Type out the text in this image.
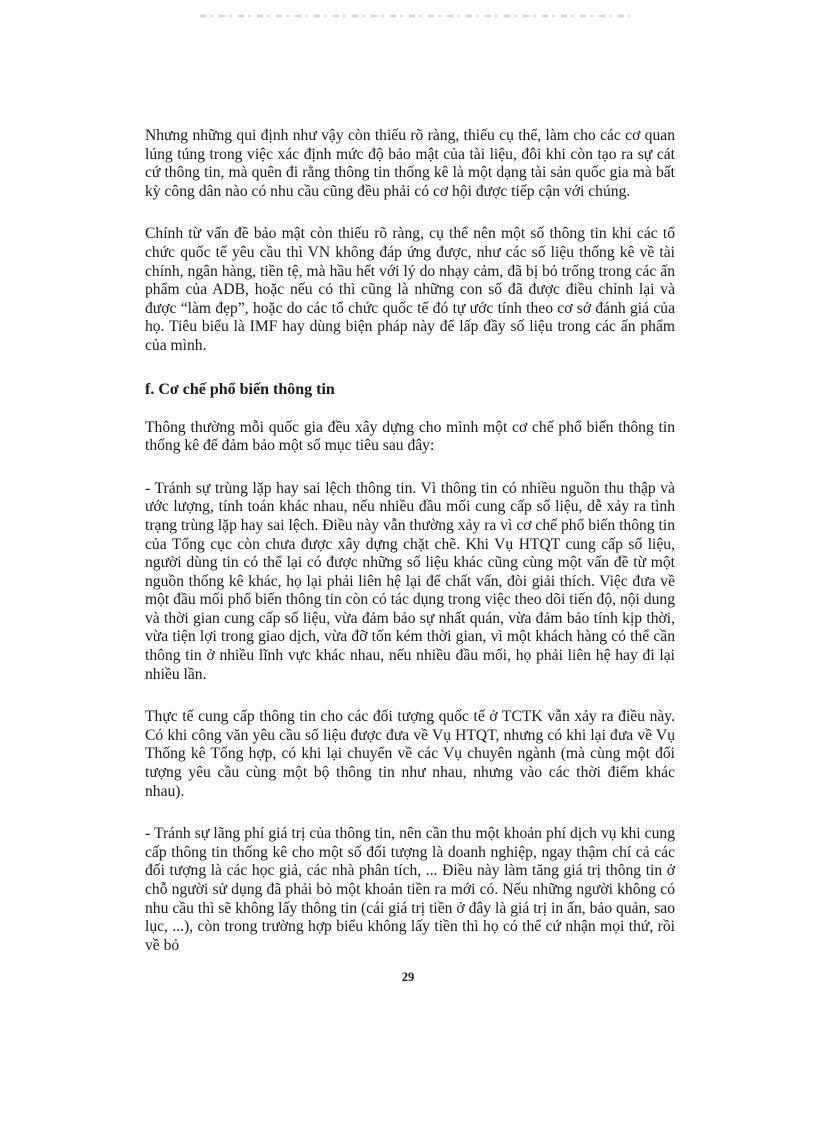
Nhưng những qui định như vậy còn thiếu rõ ràng, thiếu cụ thể, làm cho các cơ quan lúng túng trong việc xác định mức độ bảo mật của tài liệu, đôi khi còn tạo ra sự cát cứ thông tin, mà quên đi rằng thông tin thống kê là một dạng tài sản quốc gia mà bất kỳ công dân nào có nhu cầu cũng đều phải có cơ hội được tiếp cận với chúng.

Chính từ vấn đề bảo mật còn thiếu rõ ràng, cụ thể nên một số thông tin khi các tổ chức quốc tế yêu cầu thì VN không đáp ứng được, như các số liệu thống kê về tài chính, ngân hàng, tiền tệ, mà hầu hết với lý do nhạy cảm, đã bị bỏ trống trong các ấn phẩm của ADB, hoặc nếu có thì cũng là những con số đã được điều chỉnh lại và được “làm đẹp”, hoặc do các tổ chức quốc tế đó tự ước tính theo cơ sở đánh giá của họ. Tiêu biểu là IMF hay dùng biện pháp này để lấp đầy số liệu trong các ấn phẩm của mình.

f. Cơ chế phổ biến thông tin

Thông thường mỗi quốc gia đều xây dựng cho mình một cơ chế phổ biến thông tin thống kê để đảm bảo một số mục tiêu sau đây:

- Tránh sự trùng lặp hay sai lệch thông tin. Vì thông tin có nhiều nguồn thu thập và ước lượng, tính toán khác nhau, nếu nhiều đầu mối cung cấp số liệu, dễ xảy ra tình trạng trùng lặp hay sai lệch. Điều này vẫn thường xảy ra vì cơ chế phổ biến thông tin của Tổng cục còn chưa được xây dựng chặt chẽ. Khi Vụ HTQT cung cấp số liệu, người dùng tin có thể lại có được những số liệu khác cũng cùng một vấn đề từ một nguồn thống kê khác, họ lại phải liên hệ lại để chất vấn, đòi giải thích. Việc đưa về một đầu mối phổ biến thông tin còn có tác dụng trong việc theo dõi tiến độ, nội dung và thời gian cung cấp số liệu, vừa đảm bảo sự nhất quán, vừa đảm bảo tính kịp thời, vừa tiện lợi trong giao dịch, vừa đỡ tốn kém thời gian, vì một khách hàng có thể cần thông tin ở nhiều lĩnh vực khác nhau, nếu nhiều đầu mối, họ phải liên hệ hay đi lại nhiều lần.

Thực tế cung cấp thông tin cho các đối tượng quốc tế ở TCTK vẫn xảy ra điều này. Có khi công văn yêu cầu số liệu được đưa về Vụ HTQT, nhưng có khi lại đưa về Vụ Thống kê Tổng hợp, có khi lại chuyển về các Vụ chuyên ngành (mà cùng một đối tượng yêu cầu cùng một bộ thông tin như nhau, nhưng vào các thời điểm khác nhau).

- Tránh sự lãng phí giá trị của thông tin, nên cần thu một khoản phí dịch vụ khi cung cấp thông tin thống kê cho một số đối tượng là doanh nghiệp, ngay thậm chí cả các đối tượng là các học giả, các nhà phân tích, ... Điều này làm tăng giá trị thông tin ở chỗ người sử dụng đã phải bỏ một khoản tiền ra mới có. Nếu những người không có nhu cầu thì sẽ không lấy thông tin (cái giá trị tiền ở đây là giá trị in ấn, bảo quản, sao lục, ...), còn trong trường hợp biểu không lấy tiền thì họ có thể cứ nhận mọi thứ, rồi về bỏ

29
